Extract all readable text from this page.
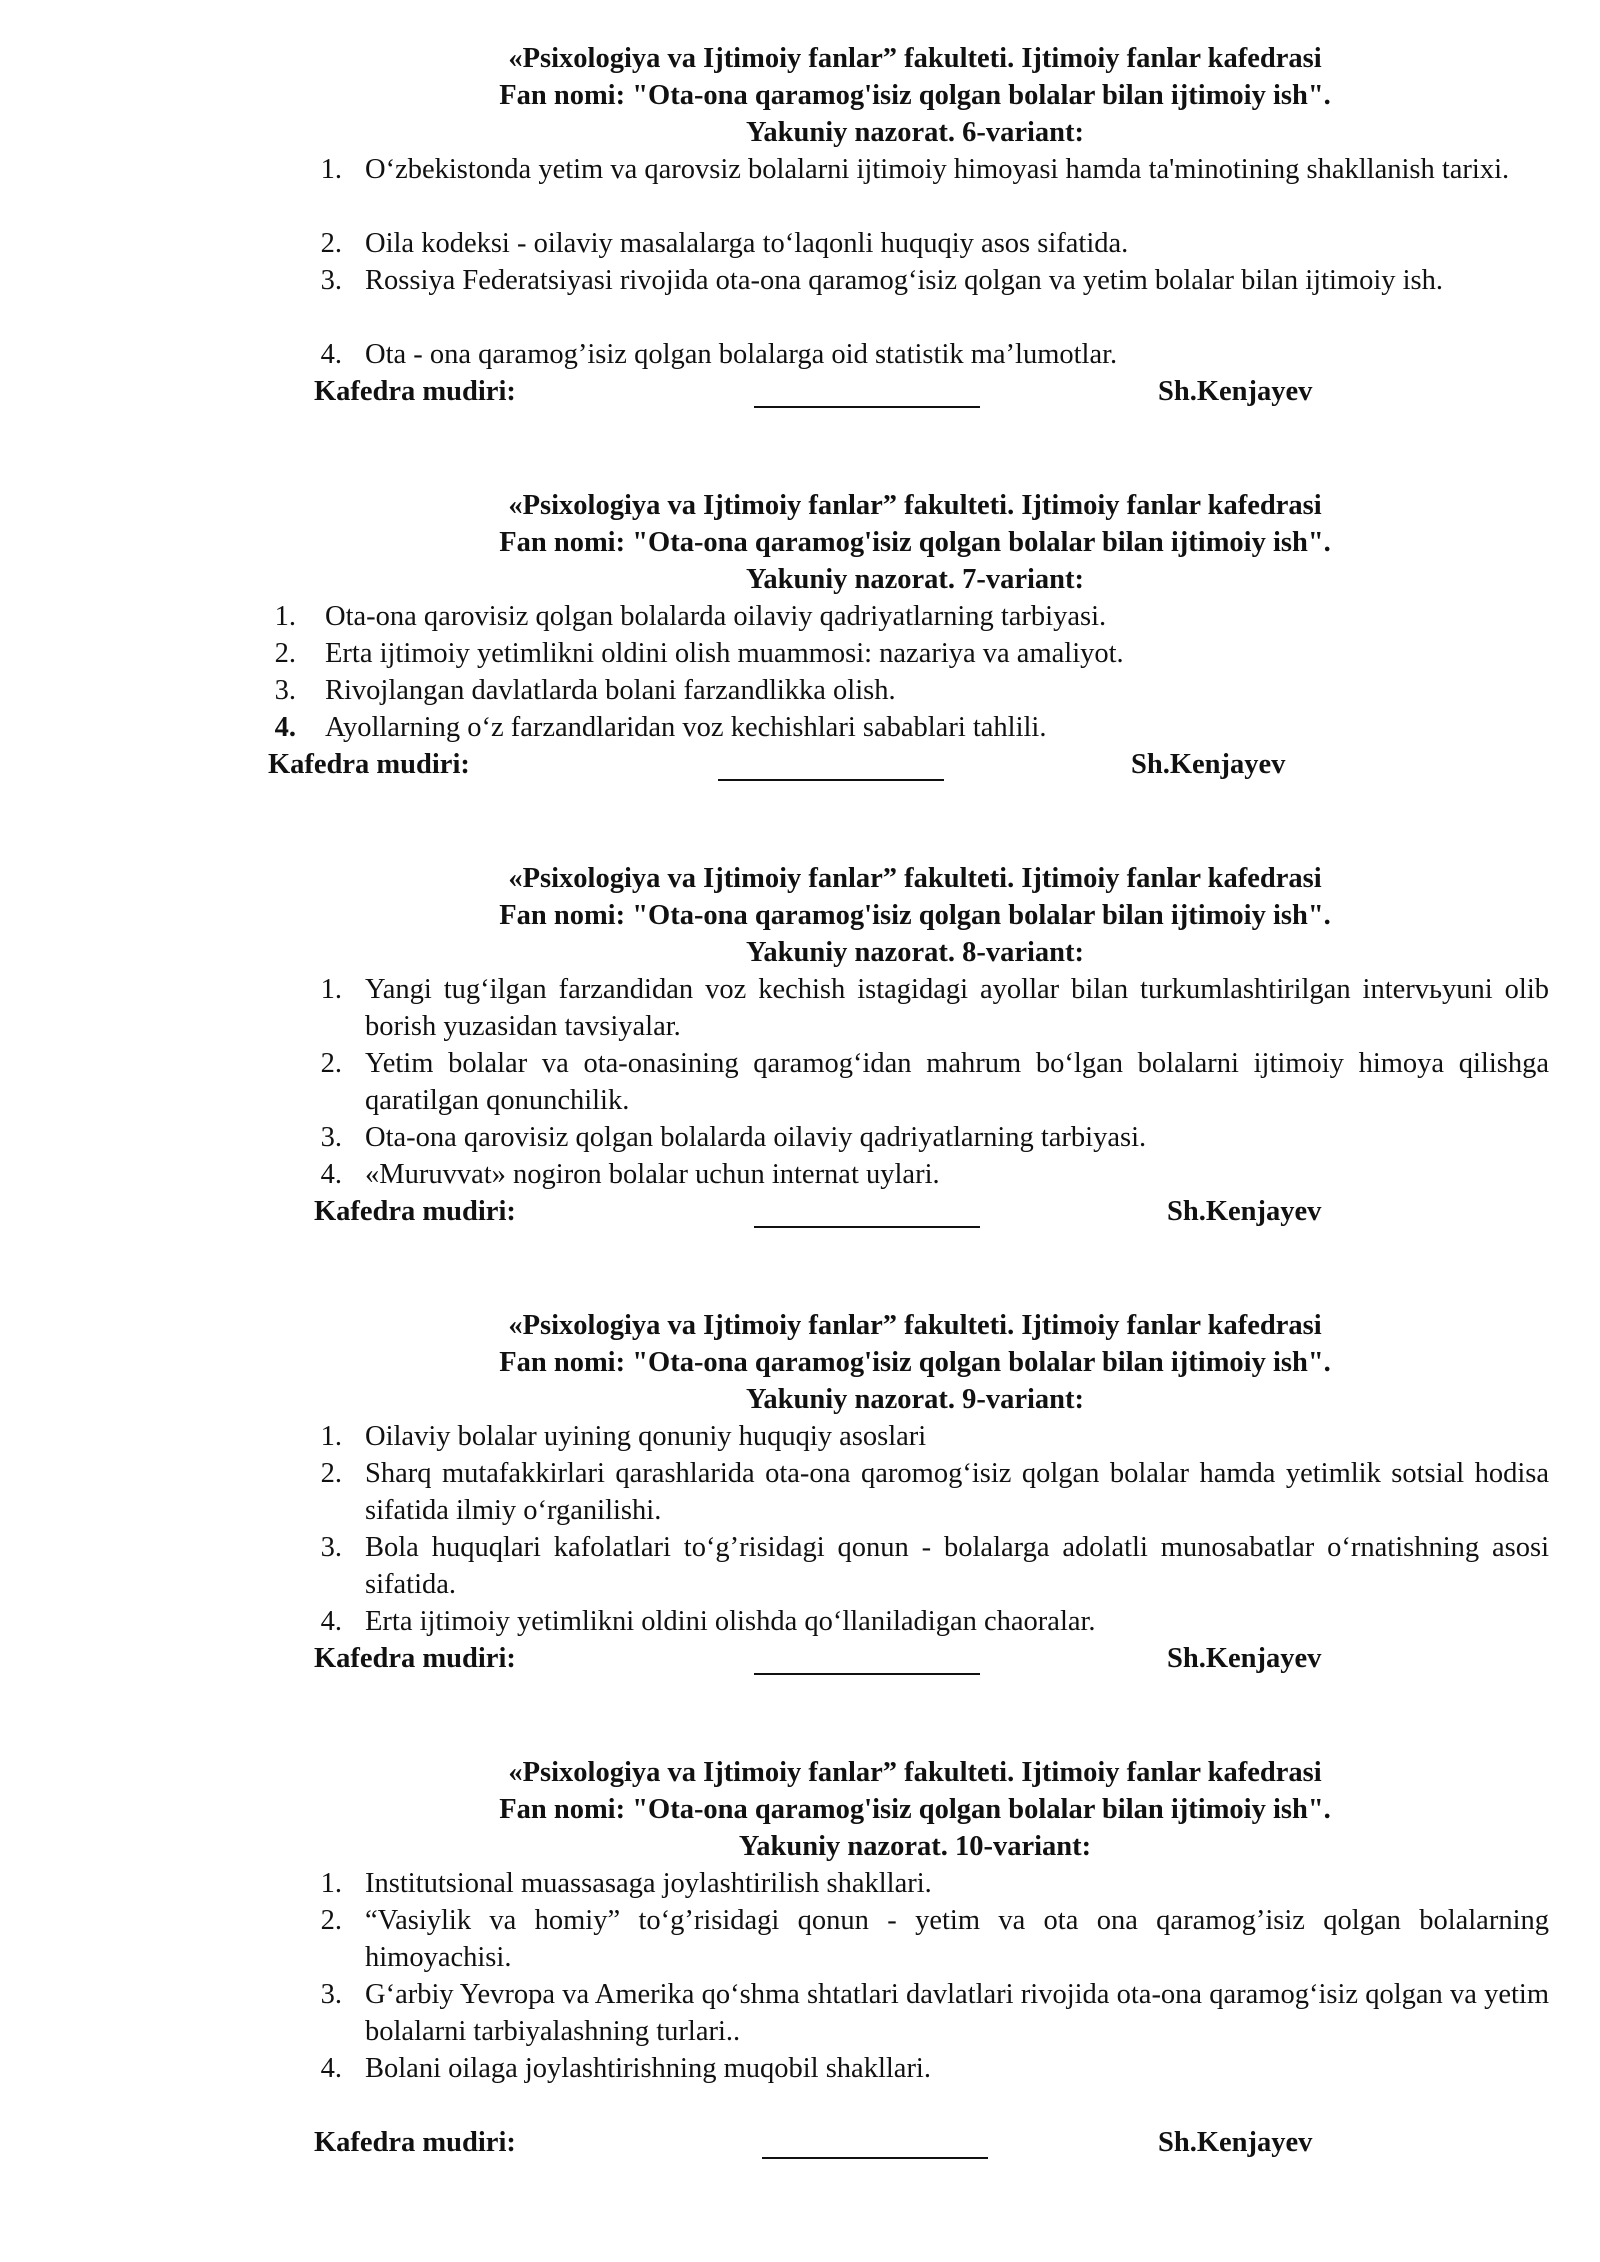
«Psixologiya va Ijtimoiy fanlar” fakulteti. Ijtimoiy fanlar kafedrasi
Fan nomi: "Ota-ona qaramog'isiz qolgan bolalar bilan ijtimoiy ish".
Yakuniy nazorat. 6-variant:
1. O‘zbekistonda yetim va qarovsiz bolalarni ijtimoiy himoyasi hamda ta'minotining shakllanish tarixi.
2. Oila kodeksi - oilaviy masalalarga to‘laqonli huquqiy asos sifatida.
3. Rossiya Federatsiyasi rivojida ota-ona qaramog‘isiz qolgan va yetim bolalar bilan ijtimoiy ish.
4. Ota - ona qaramog’isiz qolgan bolalarga oid statistik ma’lumotlar.
Kafedra mudiri:	Sh.Kenjayev
«Psixologiya va Ijtimoiy fanlar” fakulteti. Ijtimoiy fanlar kafedrasi
Fan nomi: "Ota-ona qaramog'isiz qolgan bolalar bilan ijtimoiy ish".
Yakuniy nazorat. 7-variant:
1. Ota-ona qarovisiz qolgan bolalarda oilaviy qadriyatlarning tarbiyasi.
2. Erta ijtimoiy yetimlikni oldini olish muammosi: nazariya va amaliyot.
3. Rivojlangan davlatlarda bolani farzandlikka olish.
4. Ayollarning o‘z farzandlaridan voz kechishlari sabablari tahlili.
Kafedra mudiri:	Sh.Kenjayev
«Psixologiya va Ijtimoiy fanlar” fakulteti. Ijtimoiy fanlar kafedrasi
Fan nomi: "Ota-ona qaramog'isiz qolgan bolalar bilan ijtimoiy ish".
Yakuniy nazorat. 8-variant:
1. Yangi tug‘ilgan farzandidan voz kechish istagidagi ayollar bilan turkumlashtirilgan intervьyuni olib borish yuzasidan tavsiyalar.
2. Yetim bolalar va ota-onasining qaramog‘idan mahrum bo‘lgan bolalarni ijtimoiy himoya qilishga qaratilgan qonunchilik.
3. Ota-ona qarovisiz qolgan bolalarda oilaviy qadriyatlarning tarbiyasi.
4. «Muruvvat» nogiron bolalar uchun internat uylari.
Kafedra mudiri:	Sh.Kenjayev
«Psixologiya va Ijtimoiy fanlar” fakulteti. Ijtimoiy fanlar kafedrasi
Fan nomi: "Ota-ona qaramog'isiz qolgan bolalar bilan ijtimoiy ish".
Yakuniy nazorat. 9-variant:
1. Oilaviy bolalar uyining qonuniy huquqiy asoslari
2. Sharq mutafakkirlari qarashlarida ota-ona qaromog‘isiz qolgan bolalar hamda yetimlik sotsial hodisa sifatida ilmiy o‘rganilishi.
3. Bola huquqlari kafolatlari to‘g’risidagi qonun - bolalarga adolatli munosabatlar o‘rnatishning asosi sifatida.
4. Erta ijtimoiy yetimlikni oldini olishda qo‘llaniladigan chaoralar.
Kafedra mudiri:	Sh.Kenjayev
«Psixologiya va Ijtimoiy fanlar” fakulteti. Ijtimoiy fanlar kafedrasi
Fan nomi: "Ota-ona qaramog'isiz qolgan bolalar bilan ijtimoiy ish".
Yakuniy nazorat. 10-variant:
1. Institutsional muassasaga joylashtirilish shakllari.
2. “Vasiylik va homiy” to‘g’risidagi qonun - yetim va ota ona qaramog’isiz qolgan bolalarning himoyachisi.
3. G‘arbiy Yevropa va Amerika qo‘shma shtatlari davlatlari rivojida ota-ona qaramog‘isiz qolgan va yetim bolalarni tarbiyalashning turlari..
4. Bolani oilaga joylashtirishning muqobil shakllari.
Kafedra mudiri:	Sh.Kenjayev
